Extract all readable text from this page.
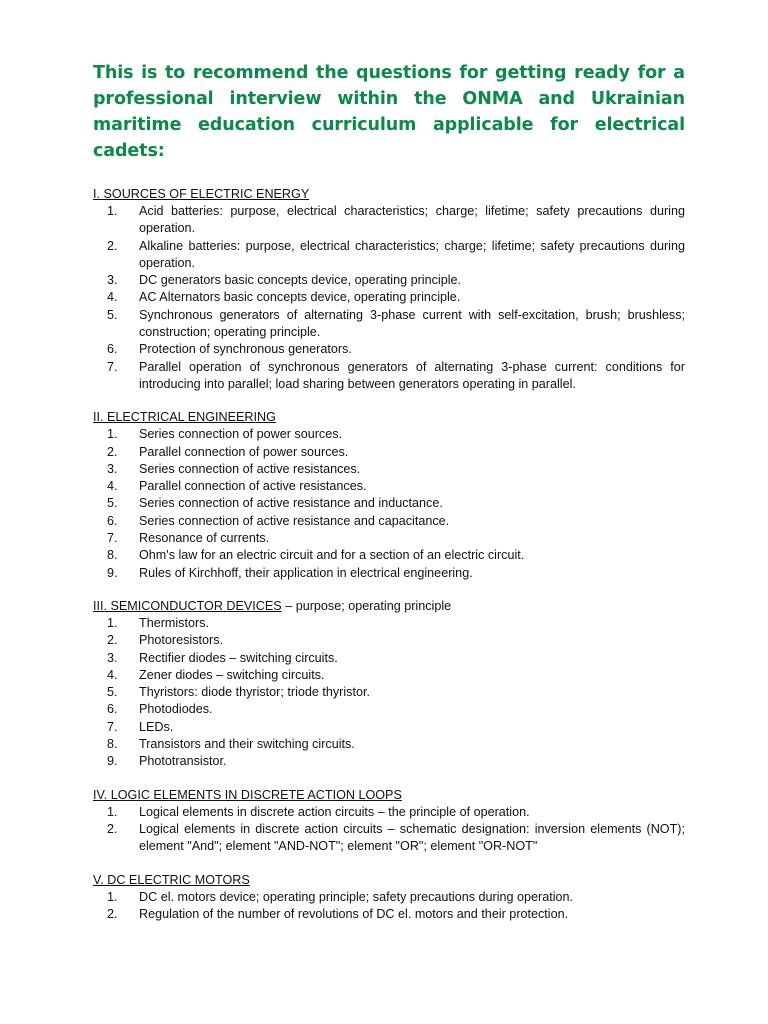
This is to recommend the questions for getting ready for a professional interview within the ONMA and Ukrainian maritime education curriculum applicable for electrical cadets:

I. SOURCES OF ELECTRIC ENERGY

1. Acid batteries: purpose, electrical characteristics; charge; lifetime; safety precautions during operation.
2. Alkaline batteries: purpose, electrical characteristics; charge; lifetime; safety precautions during operation.
3. DC generators basic concepts device, operating principle.
4. AC Alternators basic concepts device, operating principle.
5. Synchronous generators of alternating 3-phase current with self-excitation, brush; brushless; construction; operating principle.
6. Protection of synchronous generators.
7. Parallel operation of synchronous generators of alternating 3-phase current: conditions for introducing into parallel; load sharing between generators operating in parallel.

II. ELECTRICAL ENGINEERING

1. Series connection of power sources.
2. Parallel connection of power sources.
3. Series connection of active resistances.
4. Parallel connection of active resistances.
5. Series connection of active resistance and inductance.
6. Series connection of active resistance and capacitance.
7. Resonance of currents.
8. Ohm's law for an electric circuit and for a section of an electric circuit.
9. Rules of Kirchhoff, their application in electrical engineering.

III. SEMICONDUCTOR DEVICES – purpose; operating principle

1. Thermistors.
2. Photoresistors.
3. Rectifier diodes – switching circuits.
4. Zener diodes – switching circuits.
5. Thyristors: diode thyristor; triode thyristor.
6. Photodiodes.
7. LEDs.
8. Transistors and their switching circuits.
9. Phototransistor.

IV. LOGIC ELEMENTS IN DISCRETE ACTION LOOPS

1. Logical elements in discrete action circuits – the principle of operation.
2. Logical elements in discrete action circuits – schematic designation: inversion elements (NOT); element "And"; element "AND-NOT"; element "OR"; element "OR-NOT"

V. DC ELECTRIC MOTORS

1. DC el. motors device; operating principle; safety precautions during operation.
2. Regulation of the number of revolutions of DC el. motors and their protection.
